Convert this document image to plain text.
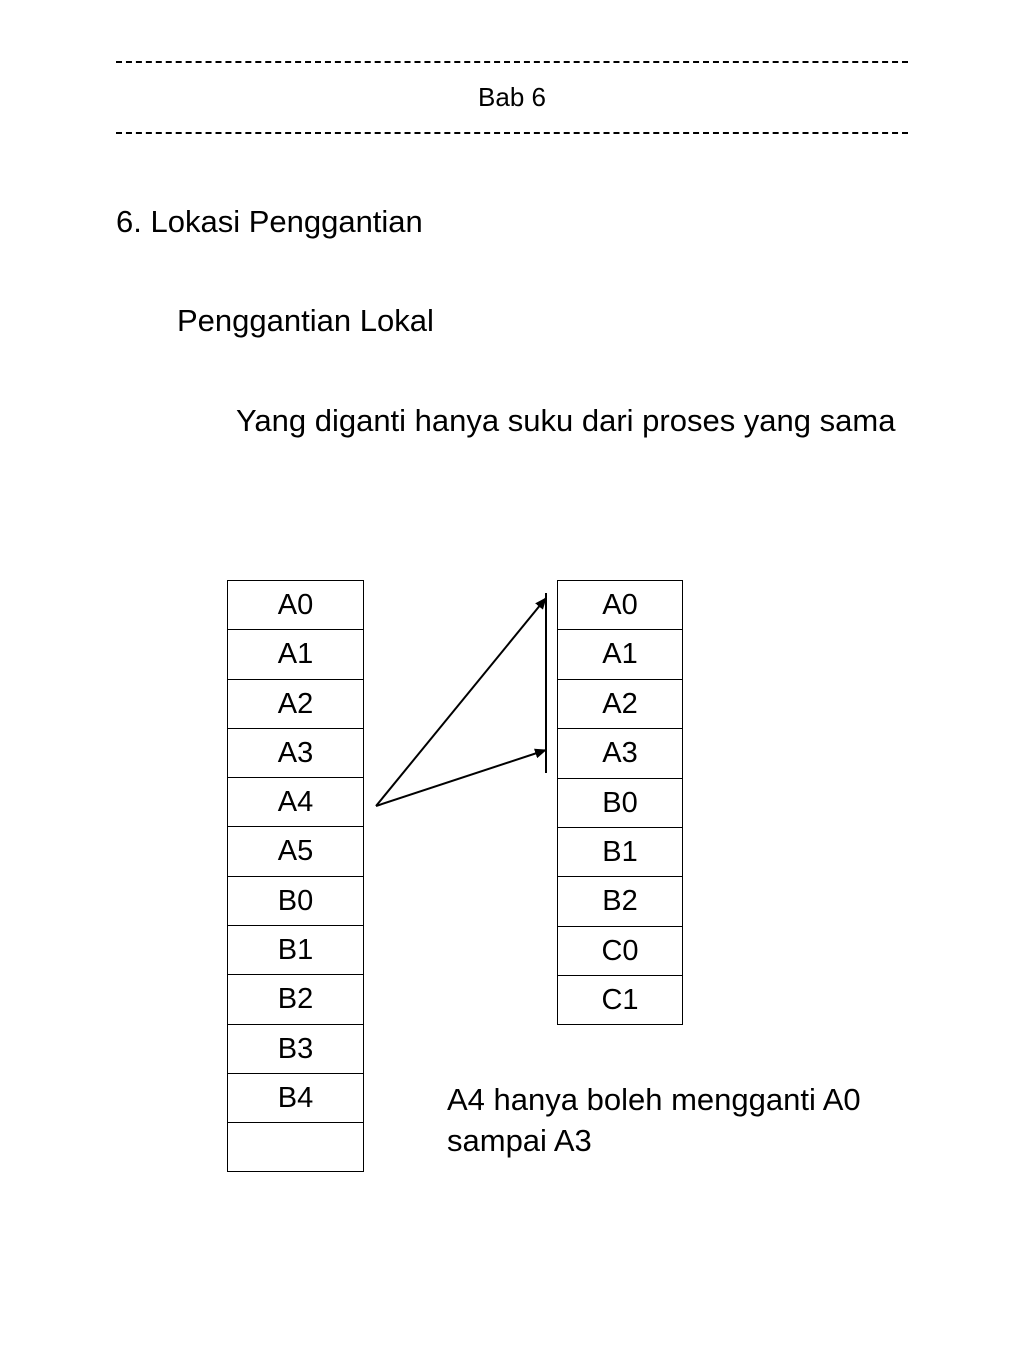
Bab 6
6. Lokasi Penggantian
Penggantian Lokal
Yang diganti hanya suku dari proses yang sama
A0
A1
A2
A3
A4
A5
B0
B1
B2
B3
B4
A0
A1
A2
A3
B0
B1
B2
C0
C1
A4 hanya boleh mengganti A0 sampai A3
